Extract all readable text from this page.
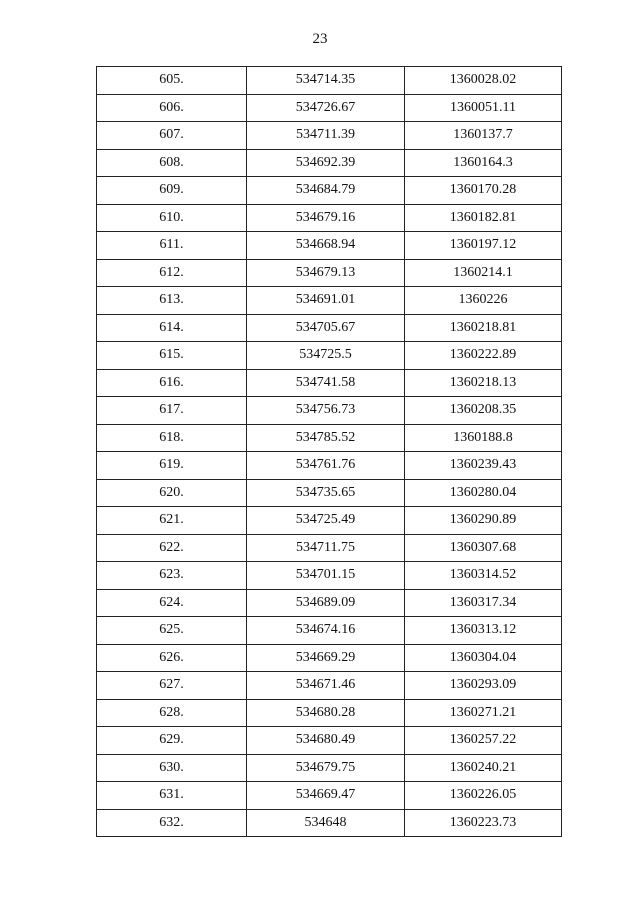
23
605.	534714.35	1360028.02
606.	534726.67	1360051.11
607.	534711.39	1360137.7
608.	534692.39	1360164.3
609.	534684.79	1360170.28
610.	534679.16	1360182.81
611.	534668.94	1360197.12
612.	534679.13	1360214.1
613.	534691.01	1360226
614.	534705.67	1360218.81
615.	534725.5	1360222.89
616.	534741.58	1360218.13
617.	534756.73	1360208.35
618.	534785.52	1360188.8
619.	534761.76	1360239.43
620.	534735.65	1360280.04
621.	534725.49	1360290.89
622.	534711.75	1360307.68
623.	534701.15	1360314.52
624.	534689.09	1360317.34
625.	534674.16	1360313.12
626.	534669.29	1360304.04
627.	534671.46	1360293.09
628.	534680.28	1360271.21
629.	534680.49	1360257.22
630.	534679.75	1360240.21
631.	534669.47	1360226.05
632.	534648	1360223.73
